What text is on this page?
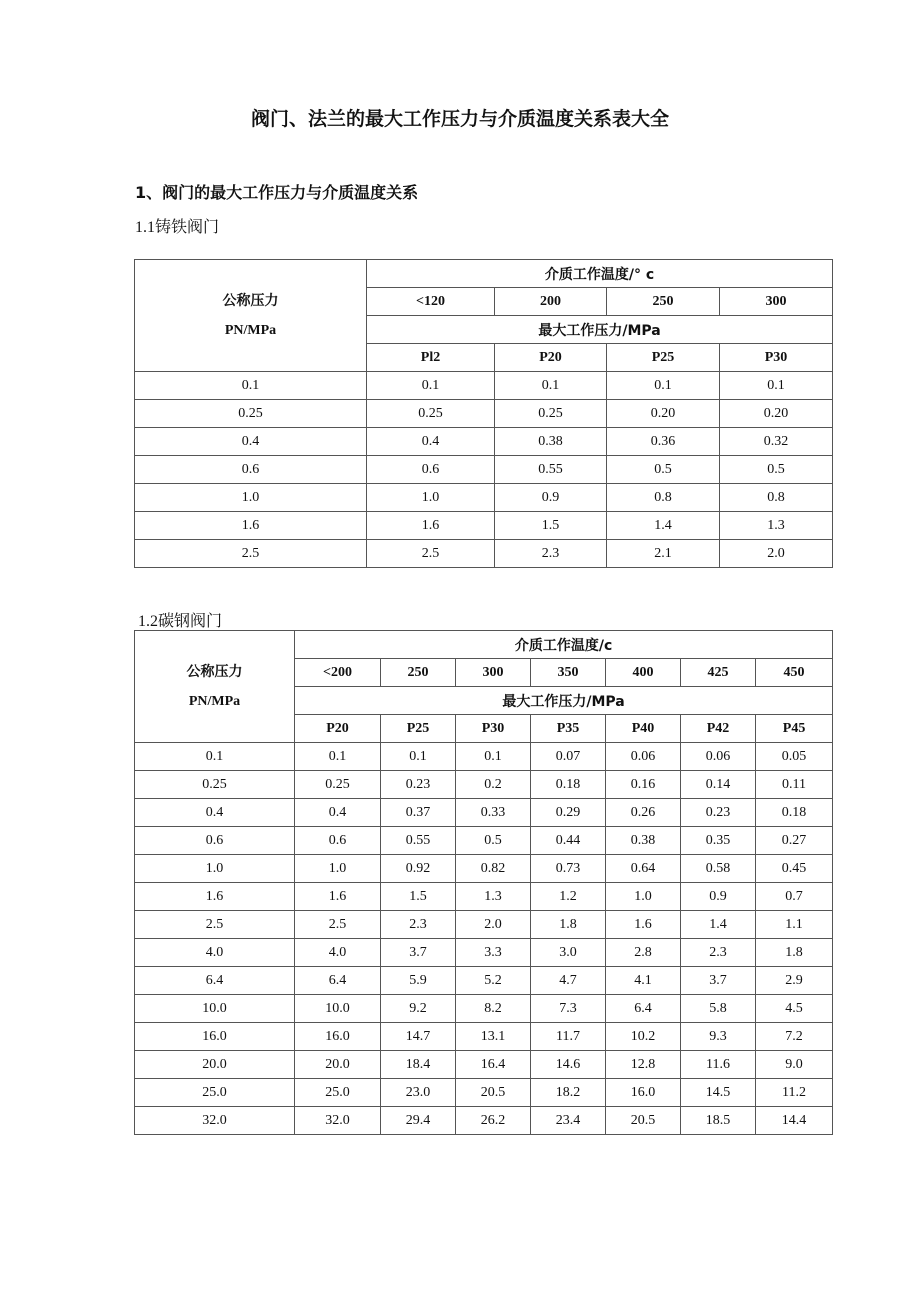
阀门、法兰的最大工作压力与介质温度关系表大全
1、阀门的最大工作压力与介质温度关系
1.1铸铁阀门
公称压力
PN/MPa	介质工作温度/° c			
	<120	200	250	300
	最大工作压力/MPa			
	Pl2	P20	P25	P30
0.1	0.1	0.1	0.1	0.1
0.25	0.25	0.25	0.20	0.20
0.4	0.4	0.38	0.36	0.32
0.6	0.6	0.55	0.5	0.5
1.0	1.0	0.9	0.8	0.8
1.6	1.6	1.5	1.4	1.3
2.5	2.5	2.3	2.1	2.0
1.2碳钢阀门
公称压力
PN/MPa	介质工作温度/c						
	<200	250	300	350	400	425	450
	最大工作压力/MPa						
	P20	P25	P30	P35	P40	P42	P45
0.1	0.1	0.1	0.1	0.07	0.06	0.06	0.05
0.25	0.25	0.23	0.2	0.18	0.16	0.14	0.11
0.4	0.4	0.37	0.33	0.29	0.26	0.23	0.18
0.6	0.6	0.55	0.5	0.44	0.38	0.35	0.27
1.0	1.0	0.92	0.82	0.73	0.64	0.58	0.45
1.6	1.6	1.5	1.3	1.2	1.0	0.9	0.7
2.5	2.5	2.3	2.0	1.8	1.6	1.4	1.1
4.0	4.0	3.7	3.3	3.0	2.8	2.3	1.8
6.4	6.4	5.9	5.2	4.7	4.1	3.7	2.9
10.0	10.0	9.2	8.2	7.3	6.4	5.8	4.5
16.0	16.0	14.7	13.1	11.7	10.2	9.3	7.2
20.0	20.0	18.4	16.4	14.6	12.8	11.6	9.0
25.0	25.0	23.0	20.5	18.2	16.0	14.5	11.2
32.0	32.0	29.4	26.2	23.4	20.5	18.5	14.4
